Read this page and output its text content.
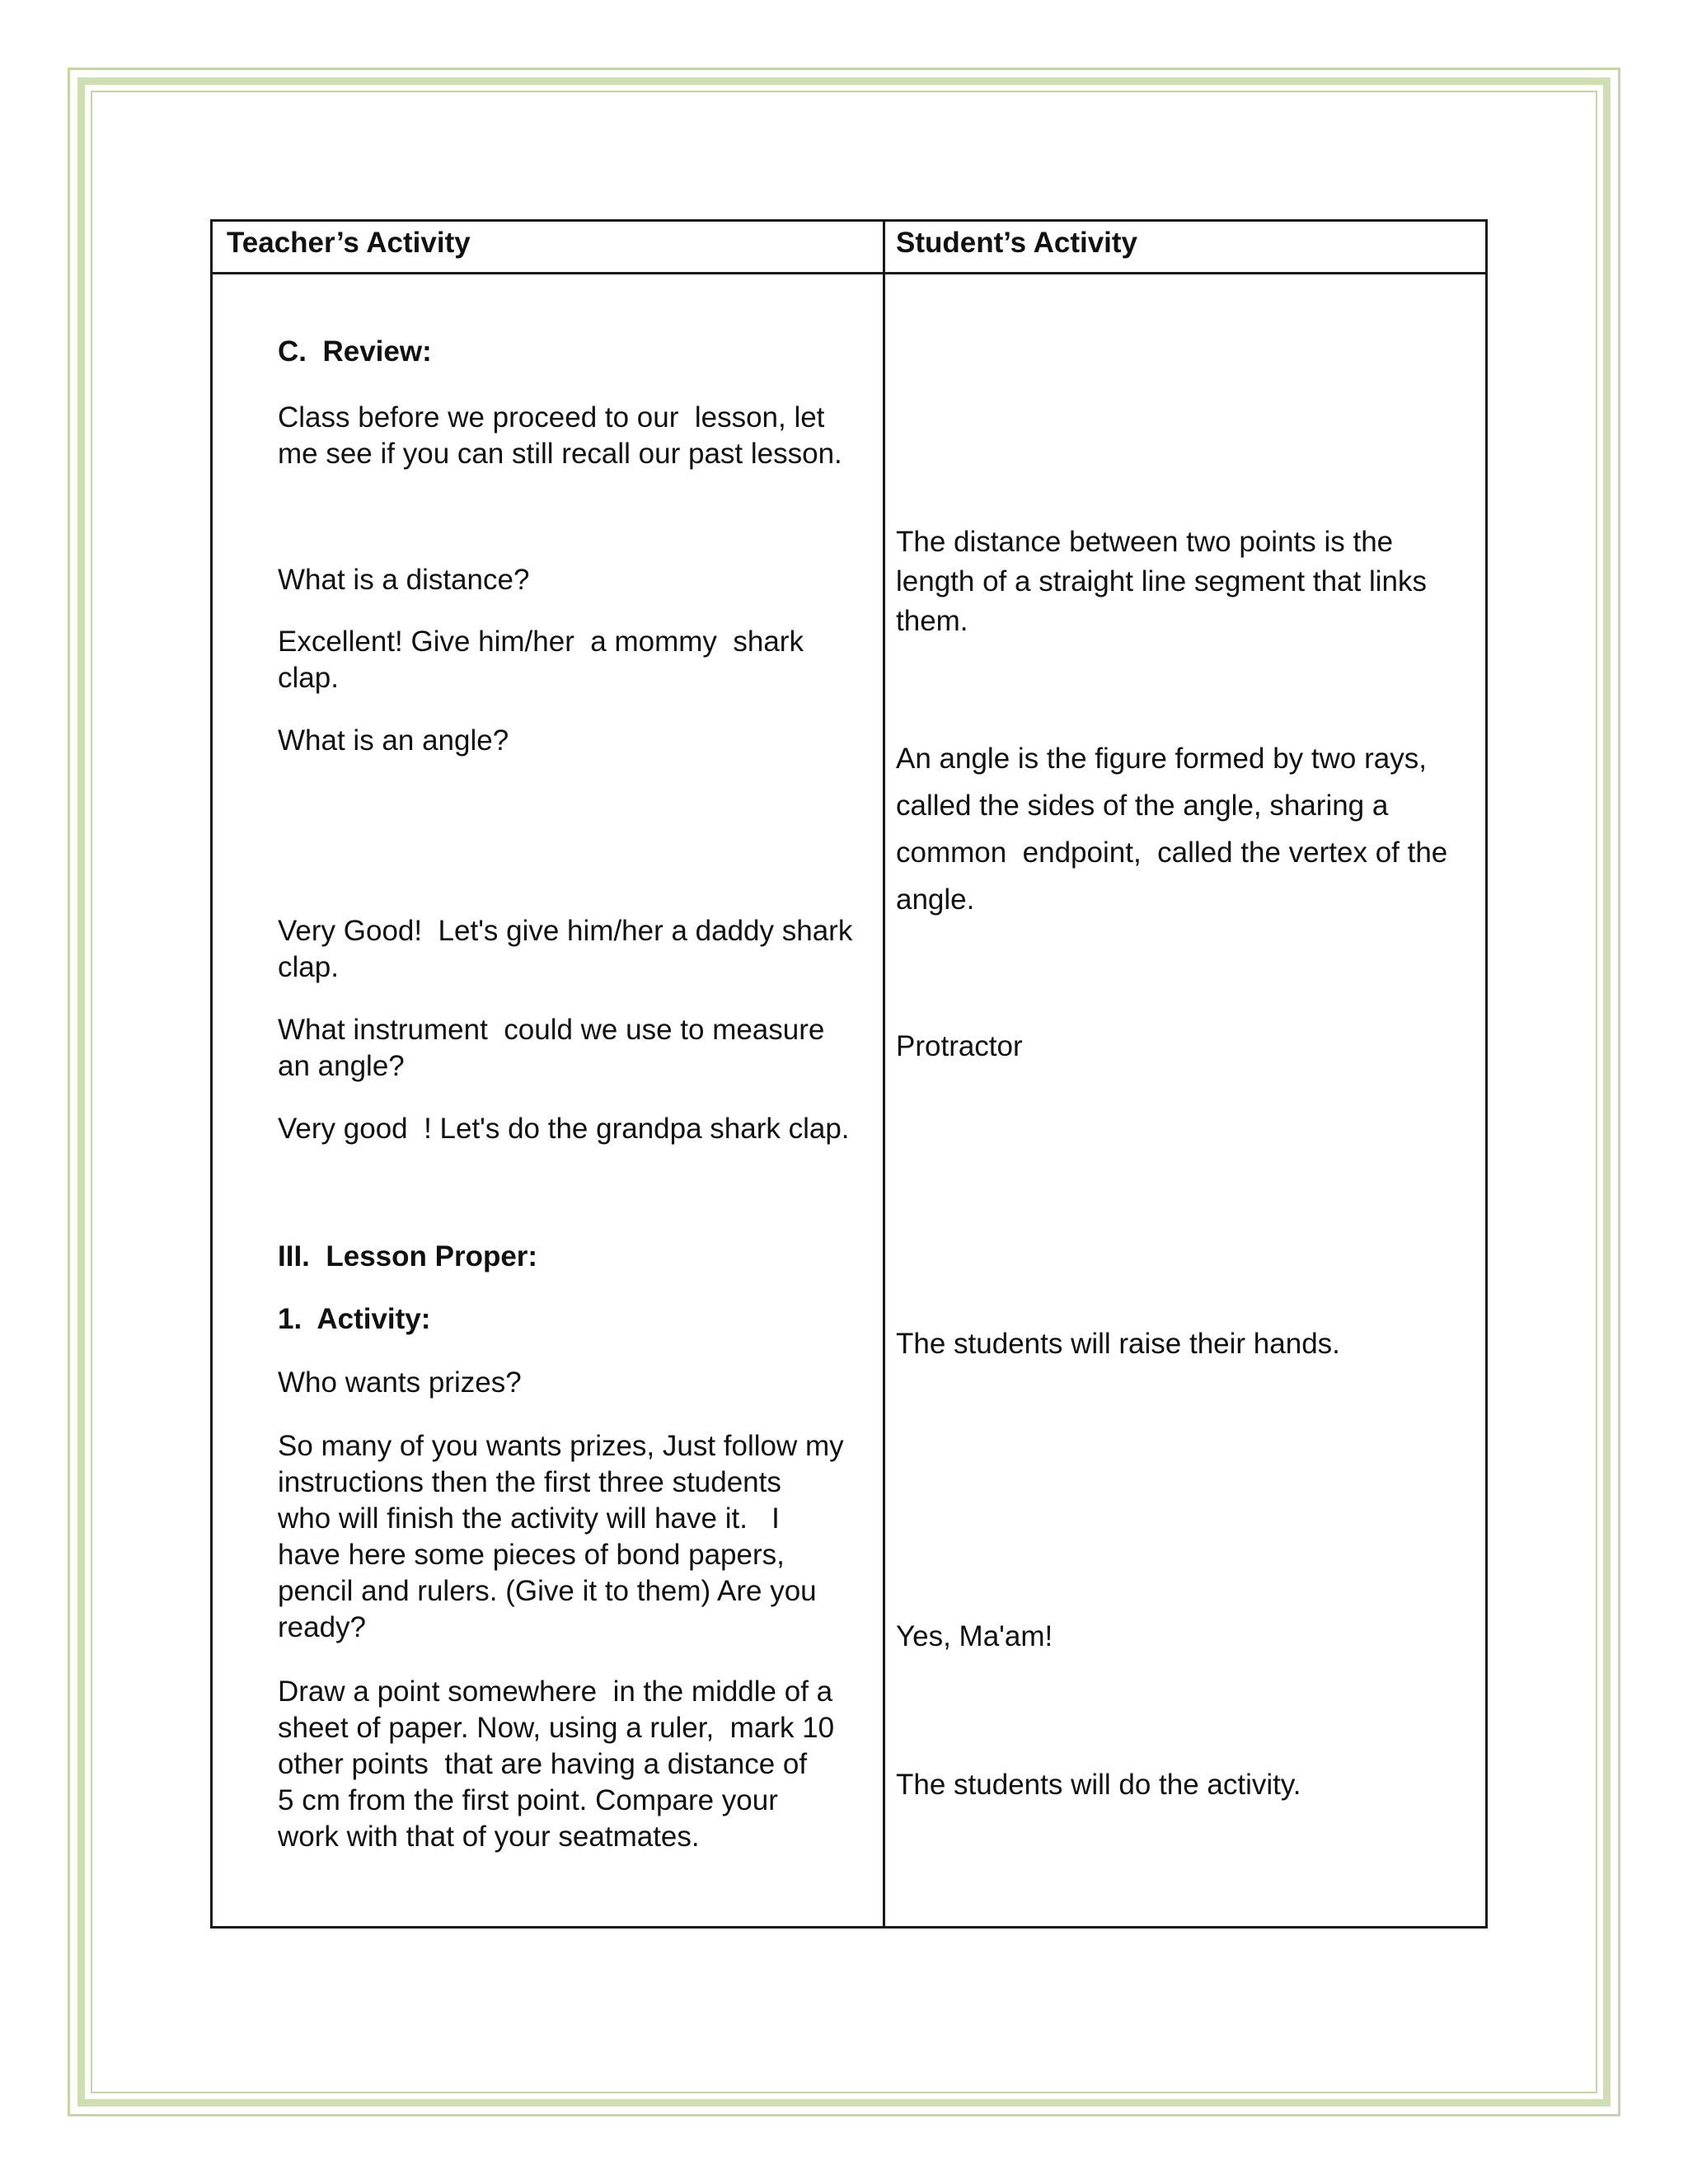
Teacher’s Activity	Student’s Activity
C.  Review:
Class before we proceed to our  lesson, let
me see if you can still recall our past lesson.
What is a distance?
Excellent! Give him/her  a mommy  shark
clap.
What is an angle?
Very Good!  Let's give him/her a daddy shark
clap.
What instrument  could we use to measure
an angle?
Very good  ! Let's do the grandpa shark clap.
III.  Lesson Proper:
1.  Activity:
Who wants prizes?
So many of you wants prizes, Just follow my
instructions then the first three students
who will finish the activity will have it.   I
have here some pieces of bond papers,
pencil and rulers. (Give it to them) Are you
ready?
Draw a point somewhere  in the middle of a
sheet of paper. Now, using a ruler,  mark 10
other points  that are having a distance of
5 cm from the first point. Compare your
work with that of your seatmates.
The distance between two points is the
length of a straight line segment that links
them.
An angle is the figure formed by two rays,
called the sides of the angle, sharing a
common  endpoint,  called the vertex of the
angle.
Protractor
The students will raise their hands.
Yes, Ma'am!
The students will do the activity.
